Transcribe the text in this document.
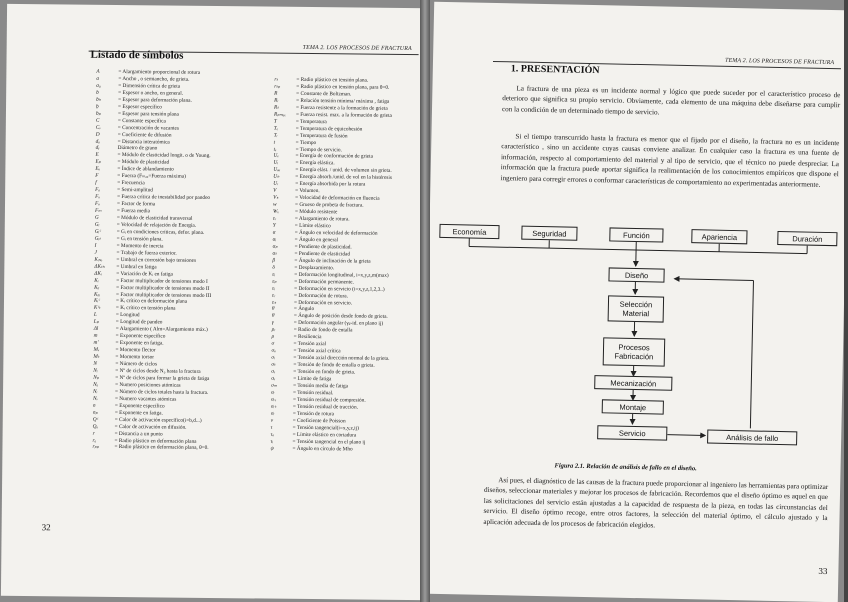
TEMA 2. LOS PROCESOS DE FRACTURA
Listado de símbolos
A	= Alargamiento proporcional de rotura
a	= Ancho , o semiancho, de grieta.
a₀	= Dimensión crítica de grieta
b	= Espesor o ancho, en general.
bₕ	= Espesor para deformación plana.
ḅ	= Espesor específico
bₚ	= Espesor para tensión plana
C	= Constante específica
Cᵥ	= Concentración de vacantes
D	= Coeficiente de difusión
dₐ	= Distancia interatómica
dᵧ	Diámetro de grano
E	= Módulo de elasticidad longit. o de Young.
Eₚ	= Módulo de plasticidad
Eᵤ	= Índice de ablandamiento
F	= Fuerza (Fₘₐₓ=Fuerza máxima)
f	= Frecuencia
Fₐ	= Semi-amplitud
Fᵤ	= Fuerza crítica de inestabilidad por pandeo
Fₒ	= Factor de forma
Fₘ	= Fuerza media
G	= Módulo de elasticidad transversal
Gᵢ	= Velocidad de relajación de Energía.
Gᵢᶜ	= Gᵢ en condiciones críticas, defor. plana.
Gᵢₜ	= Gᵢ en tensión plana.
I	= Momento de inercia
J	= Trabajo de fuerza exterior.
Kᵢₛₒ	= Umbral en corrosión bajo tensiones
ΔKₜₕ	= Umbral en fatiga
ΔKᵢ	= Variación de Kᵢ en fatiga
Kᵢ	= Factor multiplicador de tensiones modo I
Kᵢᵢ	= Factor multiplicador de tensiones modo II
Kᵢᵢᵢ	= Factor multiplicador de tensiones modo III
Kᵢᶜ	= Kᵢ crítico en deformación plana
Kᶜₜ	= Kᵢ crítico en tensión plana
L	= Longitud
Lₚ	= Longitud de pandeo
Δl	= Alargamiento ( Alm=Alargamiento máx.)
m	= Exponente específico
m'	= Exponente en fatiga.
Mᵥ	= Momento flector
Mₜ	= Momento torsor
N	= Número de ciclos
Nᵢ	= Nº de ciclos desde N₀ hasta la fractura
Nₚ	= Nº de ciclos para formar la grieta de fatiga
Nₐ	= Numero posiciones atómicas
Nᵣ	= Número de ciclos totales hasta la fractura.
Nᵥ	= Numero vacantes atómicas
n	= Exponente específico
nₚ	= Exponente en fatiga.
Qᶜ	= Calor de activación específico(i=b,d...)
Qₒ	= Calor de activación en difusión.
r	= Distancia a un punto
rₐ	= Radio plástico en deformación plana
rₚₚ	= Radio plástico en deformación plana, θ=0.
rₜ	= Radio plástico en tensión plana.
rₜₚ	= Radio plástico en tensión plana, para θ=0.
R	= Constante de Boltzman.
Rᵣ	= Relación tensión mínima/ máxima , fatiga
Rₜ	= Fuerza resistente a la formación de grieta
Rₚₘₐₓ	= Fuerza resist. max. a la formación de grieta
T	= Temperatura
Tₑ	= Temperatura de equicohesión
Tᵣ	= Temperatura de fusión
t	= Tiempo
tₑ	= Tiempo de servicio.
Uₑ	= Energía de conformación de grieta
Uᵢ	= Energía elástica.
Uₐᵤ	= Energía elást. / unid. de volumen sin grieta.
Uₕ	= Energía absorb./unid. de vol en la histéresis
Uᵣ	= Energía absorbida por la rotura
V	= Volumen.
Vₛ	= Velocidad de deformación en fluencia
w	= Grueso de probeta de fractura.
Wₓ	= Módulo resistente
εᵣ	= Alargamiento de rotura.
Y	= Límite elástico
α	= Ángulo en velocidad de deformación
αᵢ	= Ángulo en general
αₚ	= Pendiente de plasticidad.
αₜ	= Pendiente de elasticidad
β	= Ángulo de inclinación de la grieta
δ	= Desplazamiento.
εᵢ	= Deformación longitudinal, i=x,y,z,m(max)
εₚ	= Deformación permanente.
εᵢ	= Deformación en servicio (i=x,y,z,1,2,3..)
εᵣ	= Deformación de rotura.
εₛ	= Deformación en servicio.
θ	= Ángulo
θ	= Ángulo de posición desde fondo de grieta.
γ	= Deformación angular (γᵢⱼ-id. en plano ij)
ρᵣ	= Radio de fondo de entalla
ρ	= Resiliencia
σ	= Tensión axial
σₐ	= Tensión axial crítica
σᵢ	= Tensión axial dirección normal de la grieta.
σₜ	= Tensión de fondo de entalla o grieta.
σₑ	= Tensión en fondo de grieta.
σᵤ	= Límite de fatiga
σₘ	= Tensión media de fatiga
σᵣ	= Tensión residual.
σᵣₑ	= Tensión residual de compresión.
σᵣₜ	= Tensión residual de tracción.
σᵣ	= Tensión de rotura
ν	= Coeficiente de Poisson
τ	= Tensión tangencial(i=x,y,z,ij)
τₐ	= Límite elástico en cortadura
τᵢ	= Tensión tangencial en el plano ij
ψ	= Ángulo en círculo de Mho
32
TEMA 2. LOS PROCESOS DE FRACTURA
1. PRESENTACIÓN
La fractura de una pieza es un incidente normal y lógico que puede suceder por el característico proceso de deterioro que significa su propio servicio. Obviamente, cada elemento de una máquina debe diseñarse para cumplir con la condición de un determinado tiempo de servicio.
Si el tiempo transcurrido hasta la fractura es menor que el fijado por el diseño, la fractura no es un incidente característico , sino un accidente cuyas causas conviene analizar. En cualquier caso la fractura es una fuente de información, respecto al comportamiento del material y al tipo de servicio, que el técnico no puede despreciar. La información que la fractura puede aportar significa la realimentación de los conocimientos empíricos que dispone el ingeniero para corregir errores o conformar características de comportamiento no experimentadas anteriormente.
Economía	Seguridad	Función	Apariencia	Duración
Diseño
Selección
Material
Procesos
Fabricación
Mecanización
Montaje
Servicio	Análisis de fallo
Figura 2.1. Relación de análisis de fallo en el diseño.
Así pues, el diagnóstico de las causas de la fractura puede proporcionar al ingeniero las herramientas para optimizar diseños, seleccionar materiales y mejorar los procesos de fabricación. Recordemos que el diseño óptimo es aquel en que las solicitaciones del servicio están ajustadas a la capacidad de respuesta de la pieza, en todas las circunstancias del servicio. El diseño óptimo recoge, entre otros factores, la selección del material óptimo, el cálculo ajustado y la aplicación adecuada de los procesos de fabricación elegidos.
33
